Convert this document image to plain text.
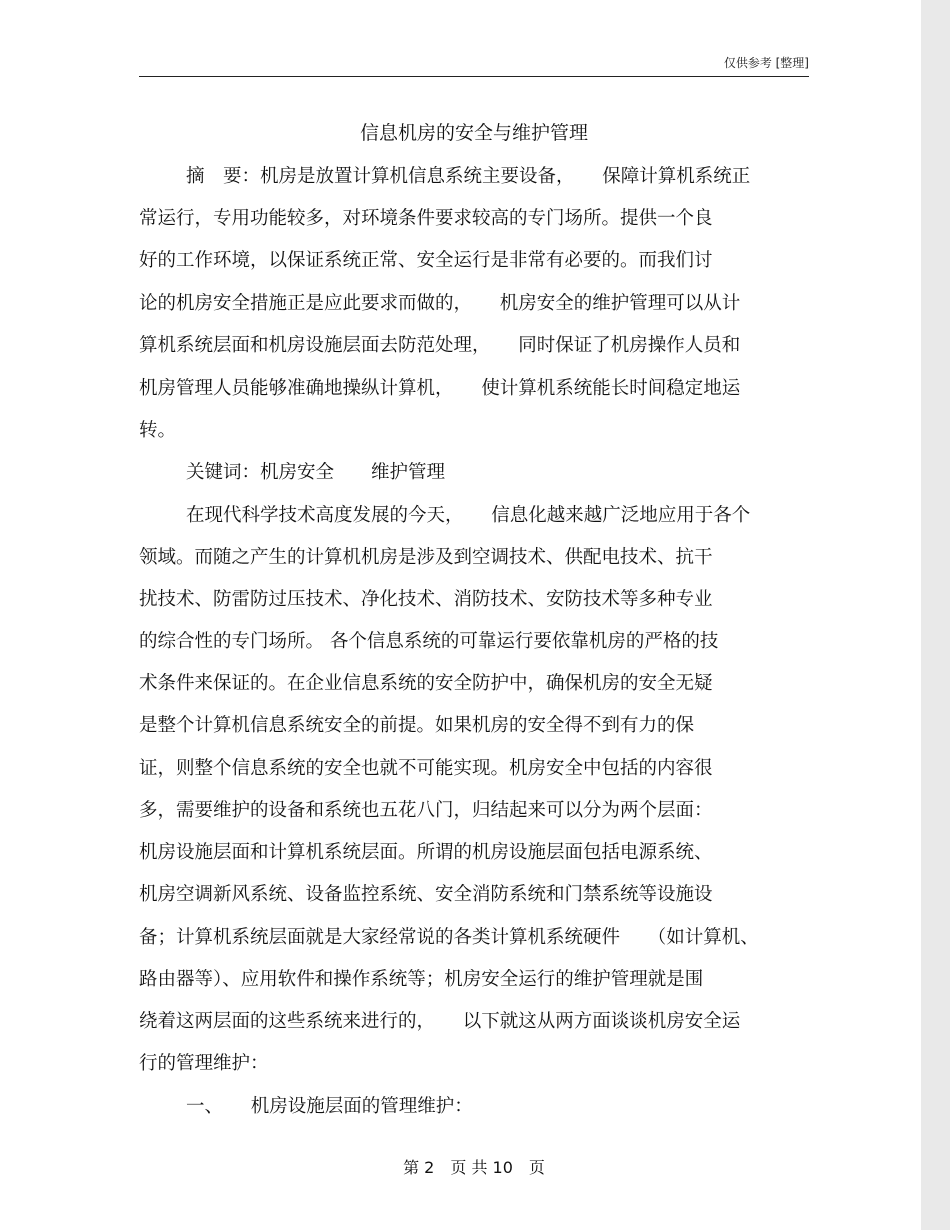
仅供参考 [整理]
信息机房的安全与维护管理
摘　要：机房是放置计算机信息系统主要设备，　　保障计算机系统正
常运行，专用功能较多，对环境条件要求较高的专门场所。提供一个良
好的工作环境，以保证系统正常、安全运行是非常有必要的。而我们讨
论的机房安全措施正是应此要求而做的，　　机房安全的维护管理可以从计
算机系统层面和机房设施层面去防范处理，　　同时保证了机房操作人员和
机房管理人员能够准确地操纵计算机，　　使计算机系统能长时间稳定地运
转。
关键词：机房安全　　维护管理
在现代科学技术高度发展的今天，　　信息化越来越广泛地应用于各个
领域。而随之产生的计算机机房是涉及到空调技术、供配电技术、抗干
扰技术、防雷防过压技术、净化技术、消防技术、安防技术等多种专业
的综合性的专门场所。 各个信息系统的可靠运行要依靠机房的严格的技
术条件来保证的。在企业信息系统的安全防护中，确保机房的安全无疑
是整个计算机信息系统安全的前提。如果机房的安全得不到有力的保
证，则整个信息系统的安全也就不可能实现。机房安全中包括的内容很
多，需要维护的设备和系统也五花八门，归结起来可以分为两个层面：
机房设施层面和计算机系统层面。所谓的机房设施层面包括电源系统、
机房空调新风系统、设备监控系统、安全消防系统和门禁系统等设施设
备；计算机系统层面就是大家经常说的各类计算机系统硬件　　（如计算机、
路由器等）、应用软件和操作系统等；机房安全运行的维护管理就是围
绕着这两层面的这些系统来进行的，　　以下就这从两方面谈谈机房安全运
行的管理维护：
一、　　机房设施层面的管理维护：
第 2　页 共 10　页
